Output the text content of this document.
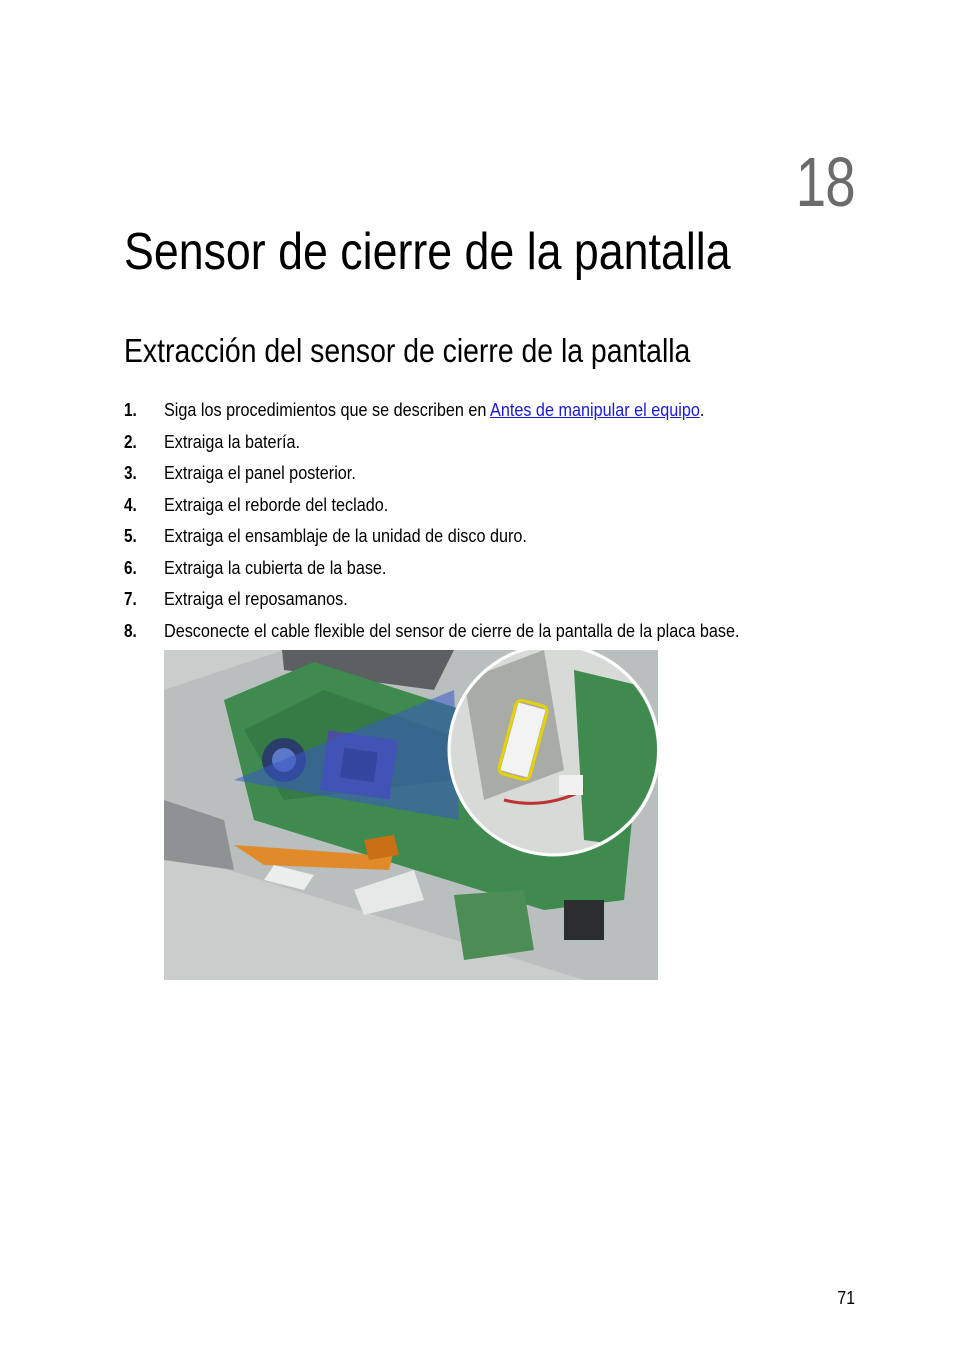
18
Sensor de cierre de la pantalla
Extracción del sensor de cierre de la pantalla
1. Siga los procedimientos que se describen en Antes de manipular el equipo.
2. Extraiga la batería.
3. Extraiga el panel posterior.
4. Extraiga el reborde del teclado.
5. Extraiga el ensamblaje de la unidad de disco duro.
6. Extraiga la cubierta de la base.
7. Extraiga el reposamanos.
8. Desconecte el cable flexible del sensor de cierre de la pantalla de la placa base.
71
